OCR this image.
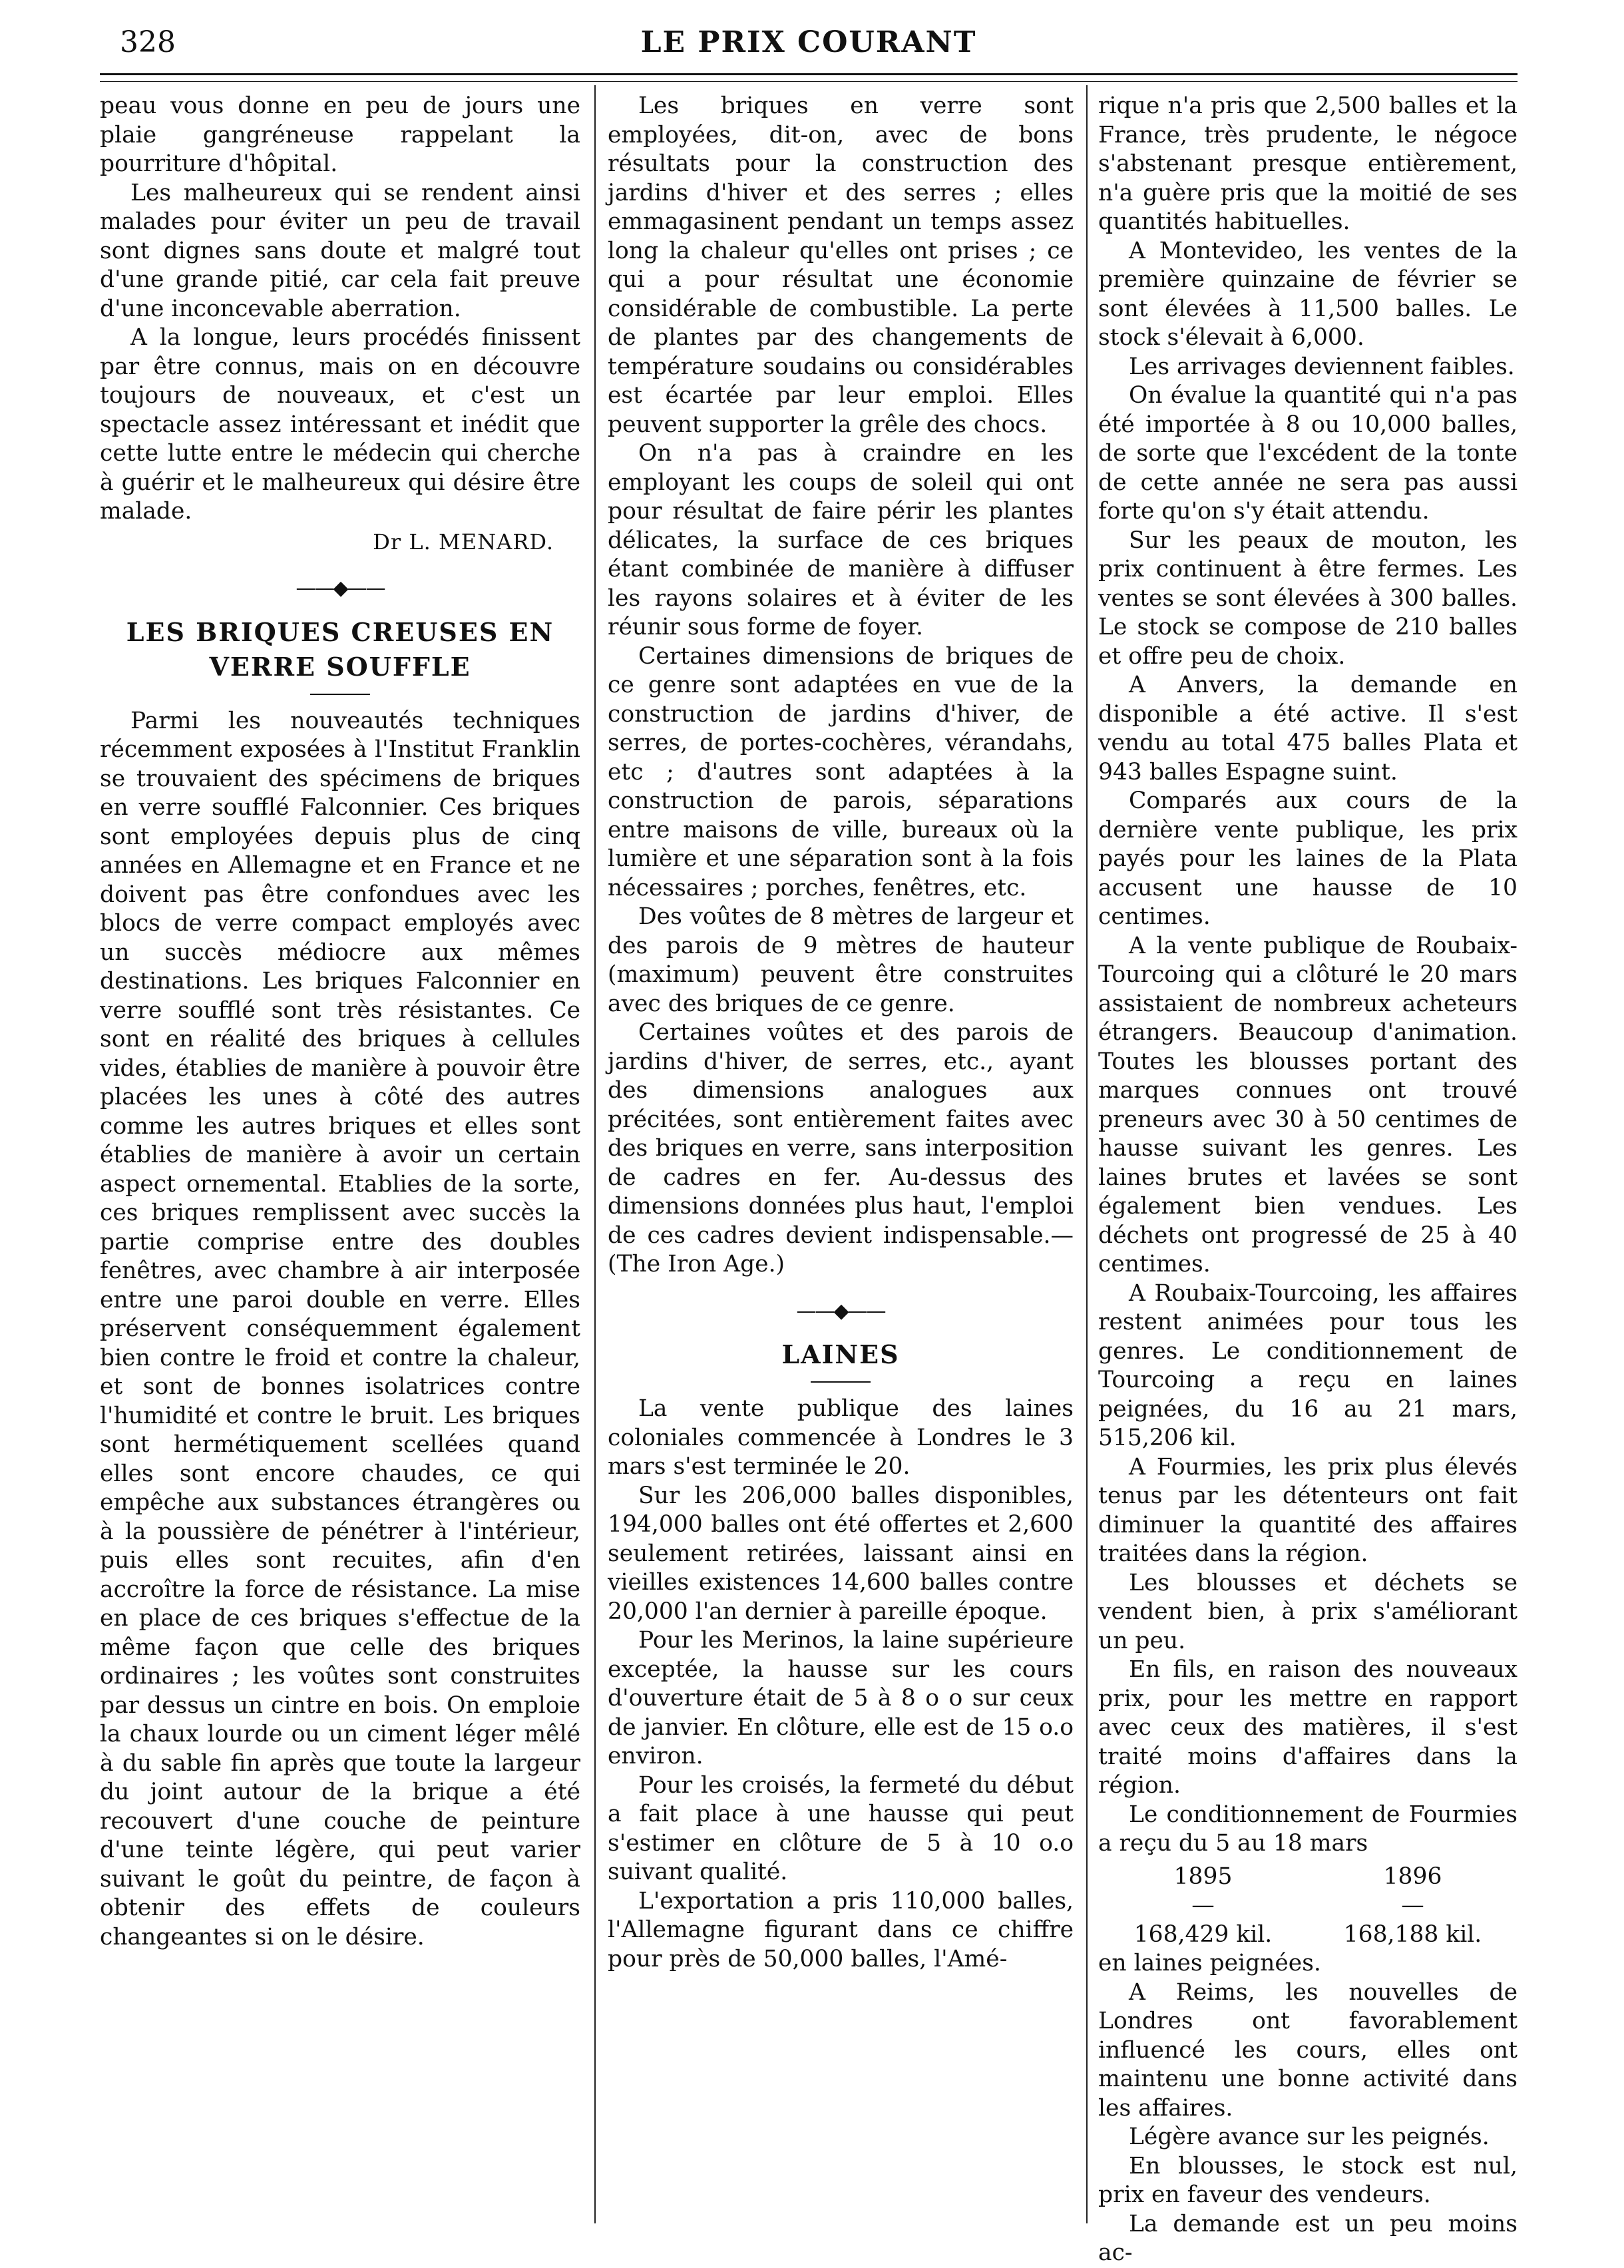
328	LE PRIX COURANT

peau vous donne en peu de jours une plaie gangréneuse rappelant la pourriture d'hôpital.

Les malheureux qui se rendent ainsi malades pour éviter un peu de travail sont dignes sans doute et malgré tout d'une grande pitié, car cela fait preuve d'une inconcevable aberration.

A la longue, leurs procédés finissent par être connus, mais on en découvre toujours de nouveaux, et c'est un spectacle assez intéressant et inédit que cette lutte entre le médecin qui cherche à guérir et le malheureux qui désire être malade.

Dr L. MENARD.
——◆——
LES BRIQUES CREUSES EN VERRE SOUFFLE

Parmi les nouveautés techniques récemment exposées à l'Institut Franklin se trouvaient des spécimens de briques en verre soufflé Falconnier. Ces briques sont employées depuis plus de cinq années en Allemagne et en France et ne doivent pas être confondues avec les blocs de verre compact employés avec un succès médiocre aux mêmes destinations. Les briques Falconnier en verre soufflé sont très résistantes. Ce sont en réalité des briques à cellules vides, établies de manière à pouvoir être placées les unes à côté des autres comme les autres briques et elles sont établies de manière à avoir un certain aspect ornemental. Etablies de la sorte, ces briques remplissent avec succès la partie comprise entre des doubles fenêtres, avec chambre à air interposée entre une paroi double en verre. Elles préservent conséquemment également bien contre le froid et contre la chaleur, et sont de bonnes isolatrices contre l'humidité et contre le bruit. Les briques sont hermétiquement scellées quand elles sont encore chaudes, ce qui empêche aux substances étrangères ou à la poussière de pénétrer à l'intérieur, puis elles sont recuites, afin d'en accroître la force de résistance. La mise en place de ces briques s'effectue de la même façon que celle des briques ordinaires ; les voûtes sont construites par dessus un cintre en bois. On emploie la chaux lourde ou un ciment léger mêlé à du sable fin après que toute la largeur du joint autour de la brique a été recouvert d'une couche de peinture d'une teinte légère, qui peut varier suivant le goût du peintre, de façon à obtenir des effets de couleurs changeantes si on le désire.

Les briques en verre sont employées, dit-on, avec de bons résultats pour la construction des jardins d'hiver et des serres ; elles emmagasinent pendant un temps assez long la chaleur qu'elles ont prises ; ce qui a pour résultat une économie considérable de combustible. La perte de plantes par des changements de température soudains ou considérables est écartée par leur emploi. Elles peuvent supporter la grêle des chocs.

On n'a pas à craindre en les employant les coups de soleil qui ont pour résultat de faire périr les plantes délicates, la surface de ces briques étant combinée de manière à diffuser les rayons solaires et à éviter de les réunir sous forme de foyer.

Certaines dimensions de briques de ce genre sont adaptées en vue de la construction de jardins d'hiver, de serres, de portes-cochères, vérandahs, etc ; d'autres sont adaptées à la construction de parois, séparations entre maisons de ville, bureaux où la lumière et une séparation sont à la fois nécessaires ; porches, fenêtres, etc.

Des voûtes de 8 mètres de largeur et des parois de 9 mètres de hauteur (maximum) peuvent être construites avec des briques de ce genre.

Certaines voûtes et des parois de jardins d'hiver, de serres, etc., ayant des dimensions analogues aux précitées, sont entièrement faites avec des briques en verre, sans interposition de cadres en fer. Au-dessus des dimensions données plus haut, l'emploi de ces cadres devient indispensable.—(The Iron Age.)

——◆——
LAINES

La vente publique des laines coloniales commencée à Londres le 3 mars s'est terminée le 20.

Sur les 206,000 balles disponibles, 194,000 balles ont été offertes et 2,600 seulement retirées, laissant ainsi en vieilles existences 14,600 balles contre 20,000 l'an dernier à pareille époque.

Pour les Merinos, la laine supérieure exceptée, la hausse sur les cours d'ouverture était de 5 à 8 o o sur ceux de janvier. En clôture, elle est de 15 o.o environ.

Pour les croisés, la fermeté du début a fait place à une hausse qui peut s'estimer en clôture de 5 à 10 o.o suivant qualité.

L'exportation a pris 110,000 balles, l'Allemagne figurant dans ce chiffre pour près de 50,000 balles, l'Amé-

rique n'a pris que 2,500 balles et la France, très prudente, le négoce s'abstenant presque entièrement, n'a guère pris que la moitié de ses quantités habituelles.

A Montevideo, les ventes de la première quinzaine de février se sont élevées à 11,500 balles. Le stock s'élevait à 6,000.

Les arrivages deviennent faibles.

On évalue la quantité qui n'a pas été importée à 8 ou 10,000 balles, de sorte que l'excédent de la tonte de cette année ne sera pas aussi forte qu'on s'y était attendu.

Sur les peaux de mouton, les prix continuent à être fermes. Les ventes se sont élevées à 300 balles. Le stock se compose de 210 balles et offre peu de choix.

A Anvers, la demande en disponible a été active. Il s'est vendu au total 475 balles Plata et 943 balles Espagne suint.

Comparés aux cours de la dernière vente publique, les prix payés pour les laines de la Plata accusent une hausse de 10 centimes.

A la vente publique de Roubaix-Tourcoing qui a clôturé le 20 mars assistaient de nombreux acheteurs étrangers. Beaucoup d'animation. Toutes les blousses portant des marques connues ont trouvé preneurs avec 30 à 50 centimes de hausse suivant les genres. Les laines brutes et lavées se sont également bien vendues. Les déchets ont progressé de 25 à 40 centimes.

A Roubaix-Tourcoing, les affaires restent animées pour tous les genres. Le conditionnement de Tourcoing a reçu en laines peignées, du 16 au 21 mars, 515,206 kil.

A Fourmies, les prix plus élevés tenus par les détenteurs ont fait diminuer la quantité des affaires traitées dans la région.

Les blousses et déchets se vendent bien, à prix s'améliorant un peu.

En fils, en raison des nouveaux prix, pour les mettre en rapport avec ceux des matières, il s'est traité moins d'affaires dans la région.

Le conditionnement de Fourmies a reçu du 5 au 18 mars

1895	1896
—	—
168,429 kil.	168,188 kil.

en laines peignées.

A Reims, les nouvelles de Londres ont favorablement influencé les cours, elles ont maintenu une bonne activité dans les affaires.

Légère avance sur les peignés.

En blousses, le stock est nul, prix en faveur des vendeurs.

La demande est un peu moins ac-
